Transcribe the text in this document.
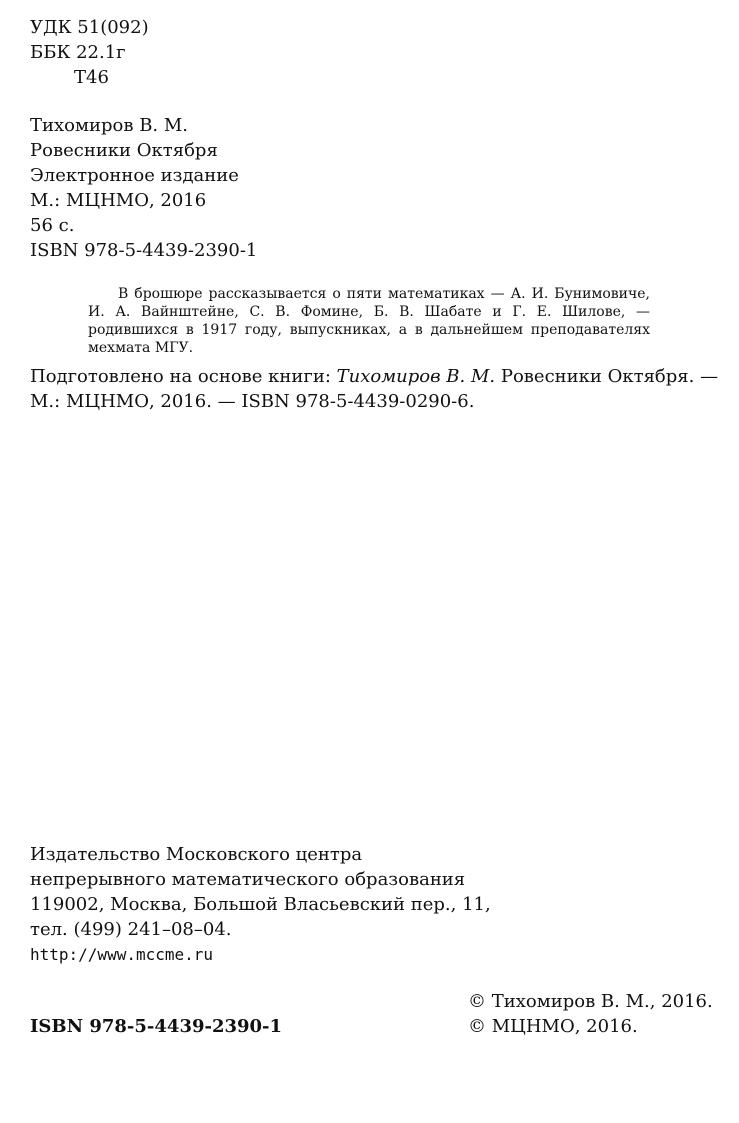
УДК 51(092)
ББК 22.1г
Т46
Тихомиров В. М.
Ровесники Октября
Электронное издание
М.: МЦНМО, 2016
56 с.
ISBN 978-5-4439-2390-1

В брошюре рассказывается о пяти математиках — А. И. Бунимовиче, И. А. Вайнштейне, С. В. Фомине, Б. В. Шабате и Г. Е. Шилове, — родившихся в 1917 году, выпускниках, а в дальнейшем преподавателях мехмата МГУ.

Подготовлено на основе книги: Тихомиров В. М. Ровесники Октября. —
М.: МЦНМО, 2016. — ISBN 978-5-4439-0290-6.
Издательство Московского центра
непрерывного математического образования
119002, Москва, Большой Власьевский пер., 11,
тел. (499) 241–08–04.
http://www.mccme.ru
ISBN 978-5-4439-2390-1
© Тихомиров В. М., 2016.
© МЦНМО, 2016.
